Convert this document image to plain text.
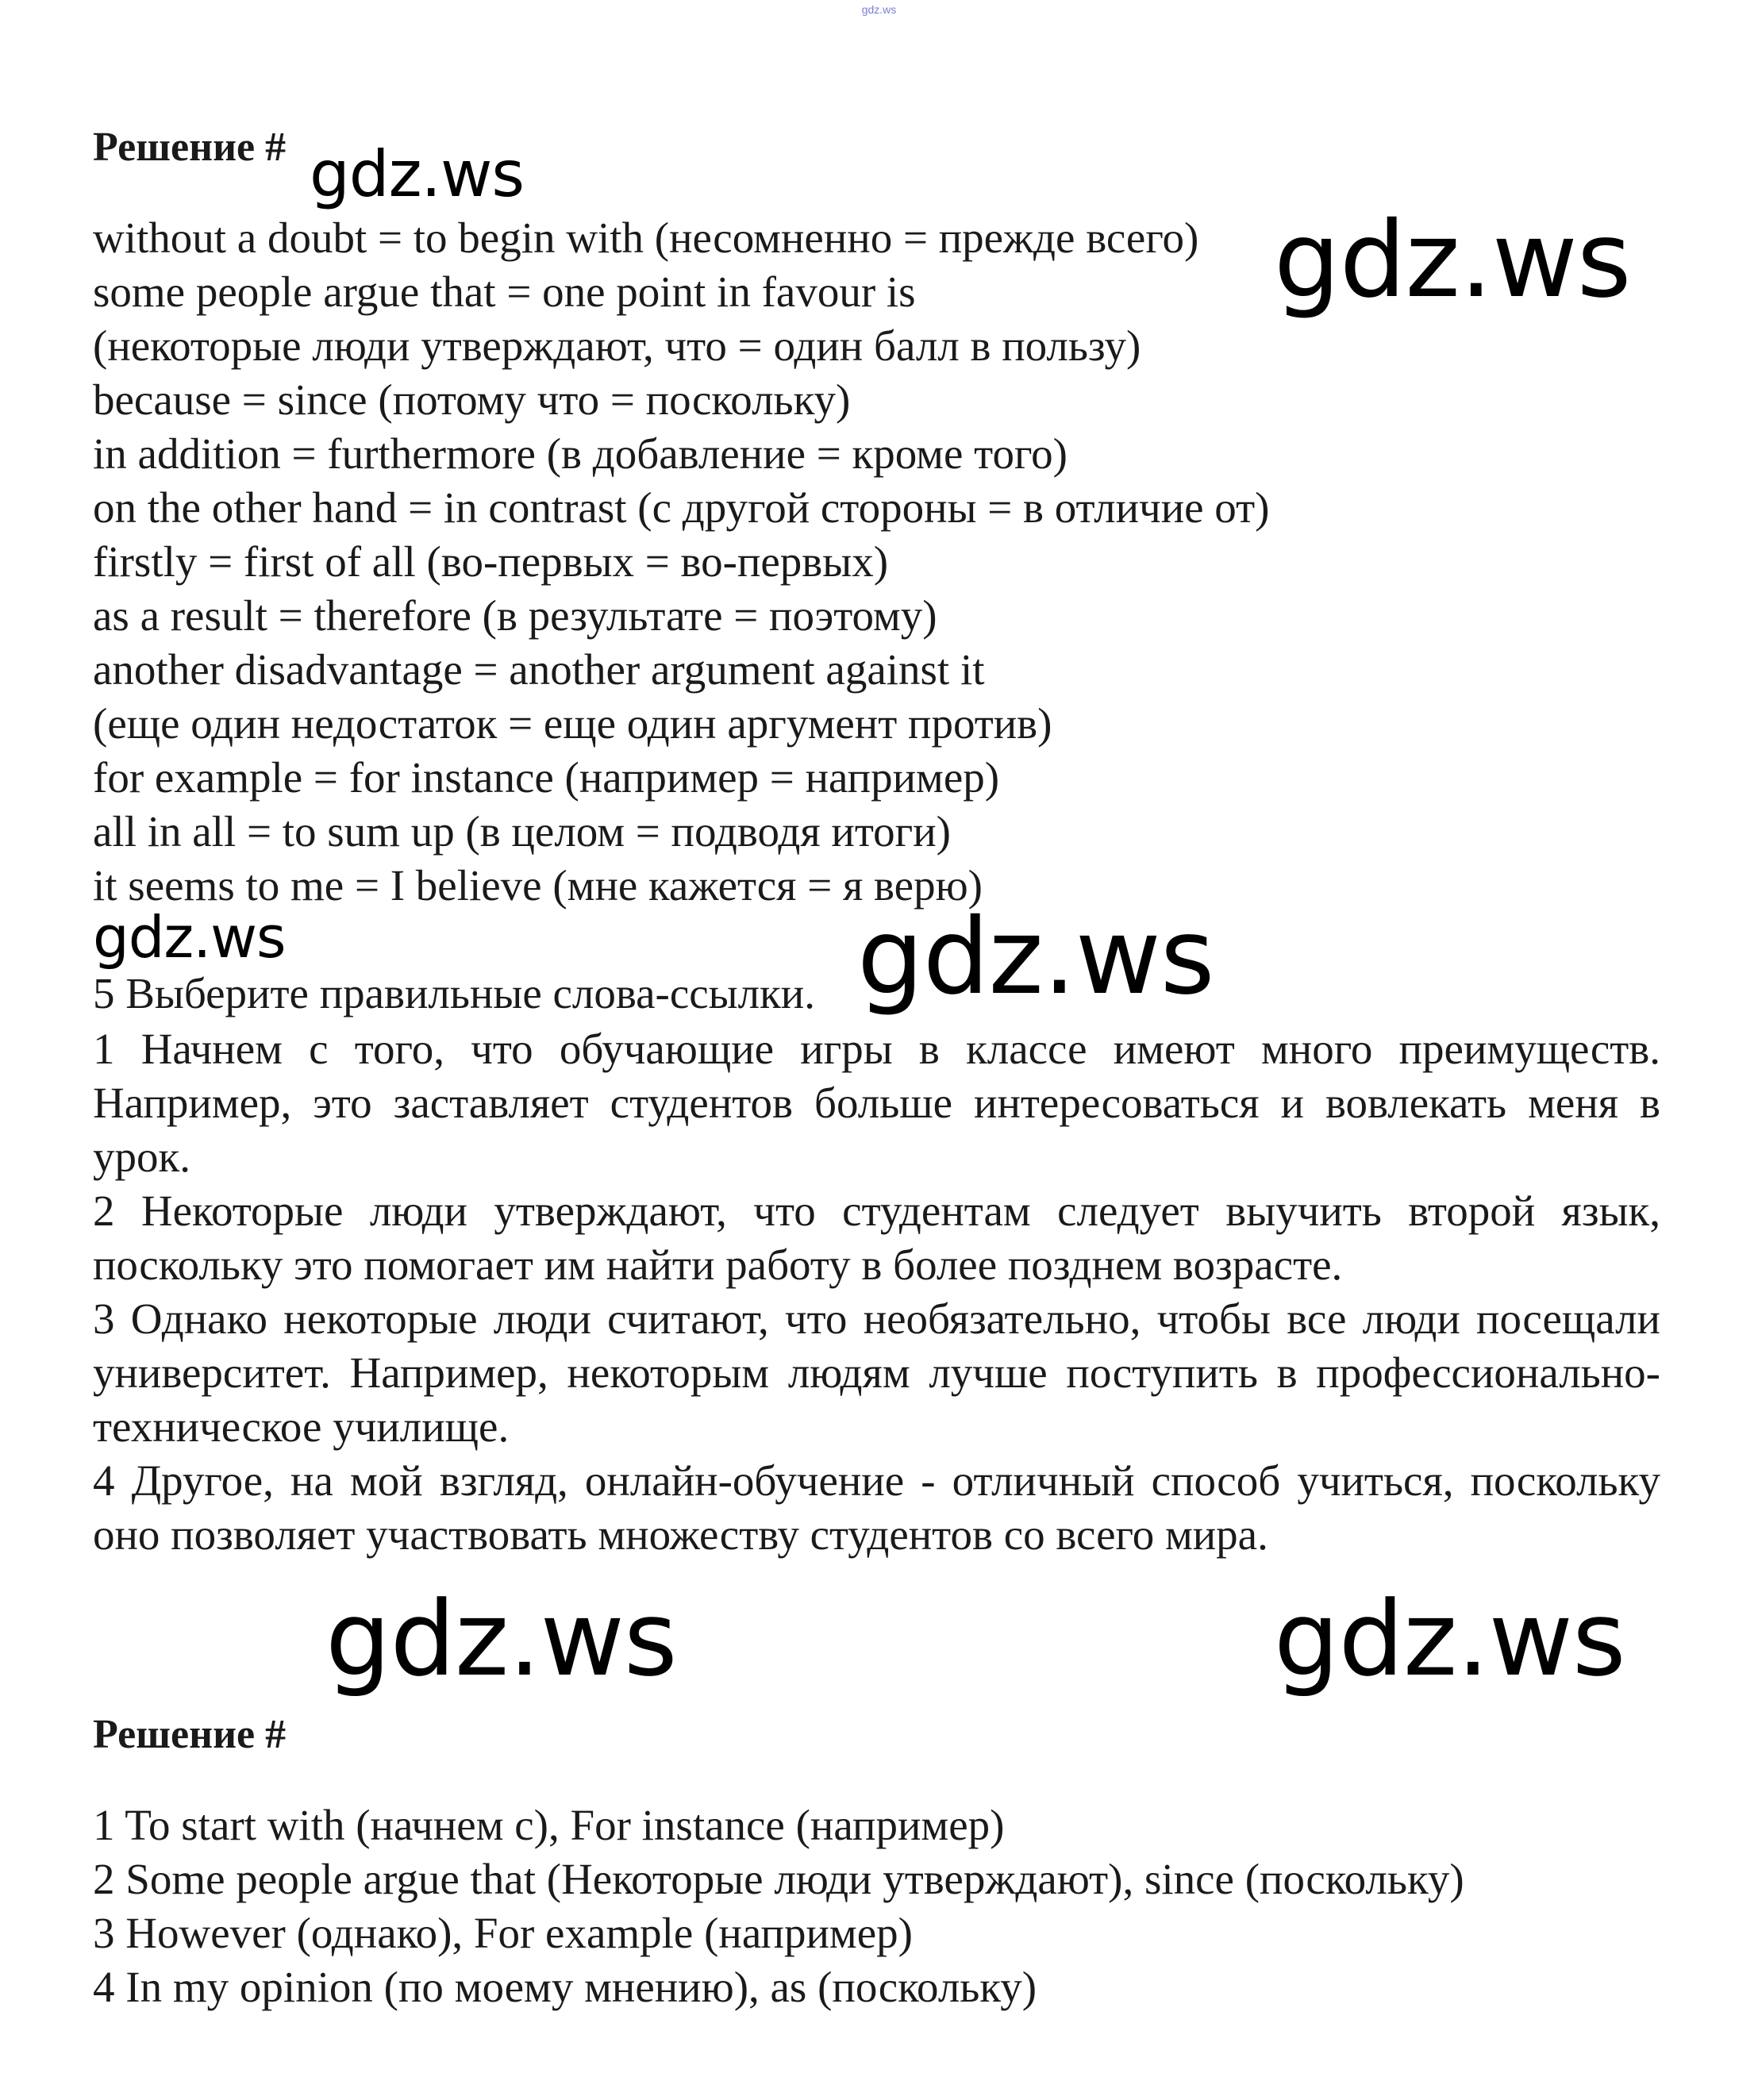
gdz.ws
Решение #
without a doubt = to begin with (несомненно = прежде всего)
some people argue that = one point in favour is
(некоторые люди утверждают, что = один балл в пользу)
because = since (потому что = поскольку)
in addition = furthermore (в добавление = кроме того)
on the other hand = in contrast (с другой стороны = в отличие от)
firstly = first of all (во-первых = во-первых)
as a result = therefore (в результате = поэтому)
another disadvantage = another argument against it
(еще один недостаток = еще один аргумент против)
for example = for instance (например = например)
all in all = to sum up (в целом = подводя итоги)
it seems to me = I believe (мне кажется = я верю)
5 Выберите правильные слова-ссылки.
1 Начнем с того, что обучающие игры в классе имеют много преимуществ. Например, это заставляет студентов больше интересоваться и вовлекать меня в урок.
2 Некоторые люди утверждают, что студентам следует выучить второй язык, поскольку это помогает им найти работу в более позднем возрасте.
3 Однако некоторые люди считают, что необязательно, чтобы все люди посещали университет. Например, некоторым людям лучше поступить в профессионально-техническое училище.
4 Другое, на мой взгляд, онлайн-обучение - отличный способ учиться, поскольку оно позволяет участвовать множеству студентов со всего мира.
Решение #
1 To start with (начнем с), For instance (например)
2 Some people argue that (Некоторые люди утверждают), since (поскольку)
3 However (однако), For example (например)
4 In my opinion (по моему мнению), as (поскольку)
gdz.ws
gdz.ws
gdz.ws	gdz.ws
gdz.ws	gdz.ws
